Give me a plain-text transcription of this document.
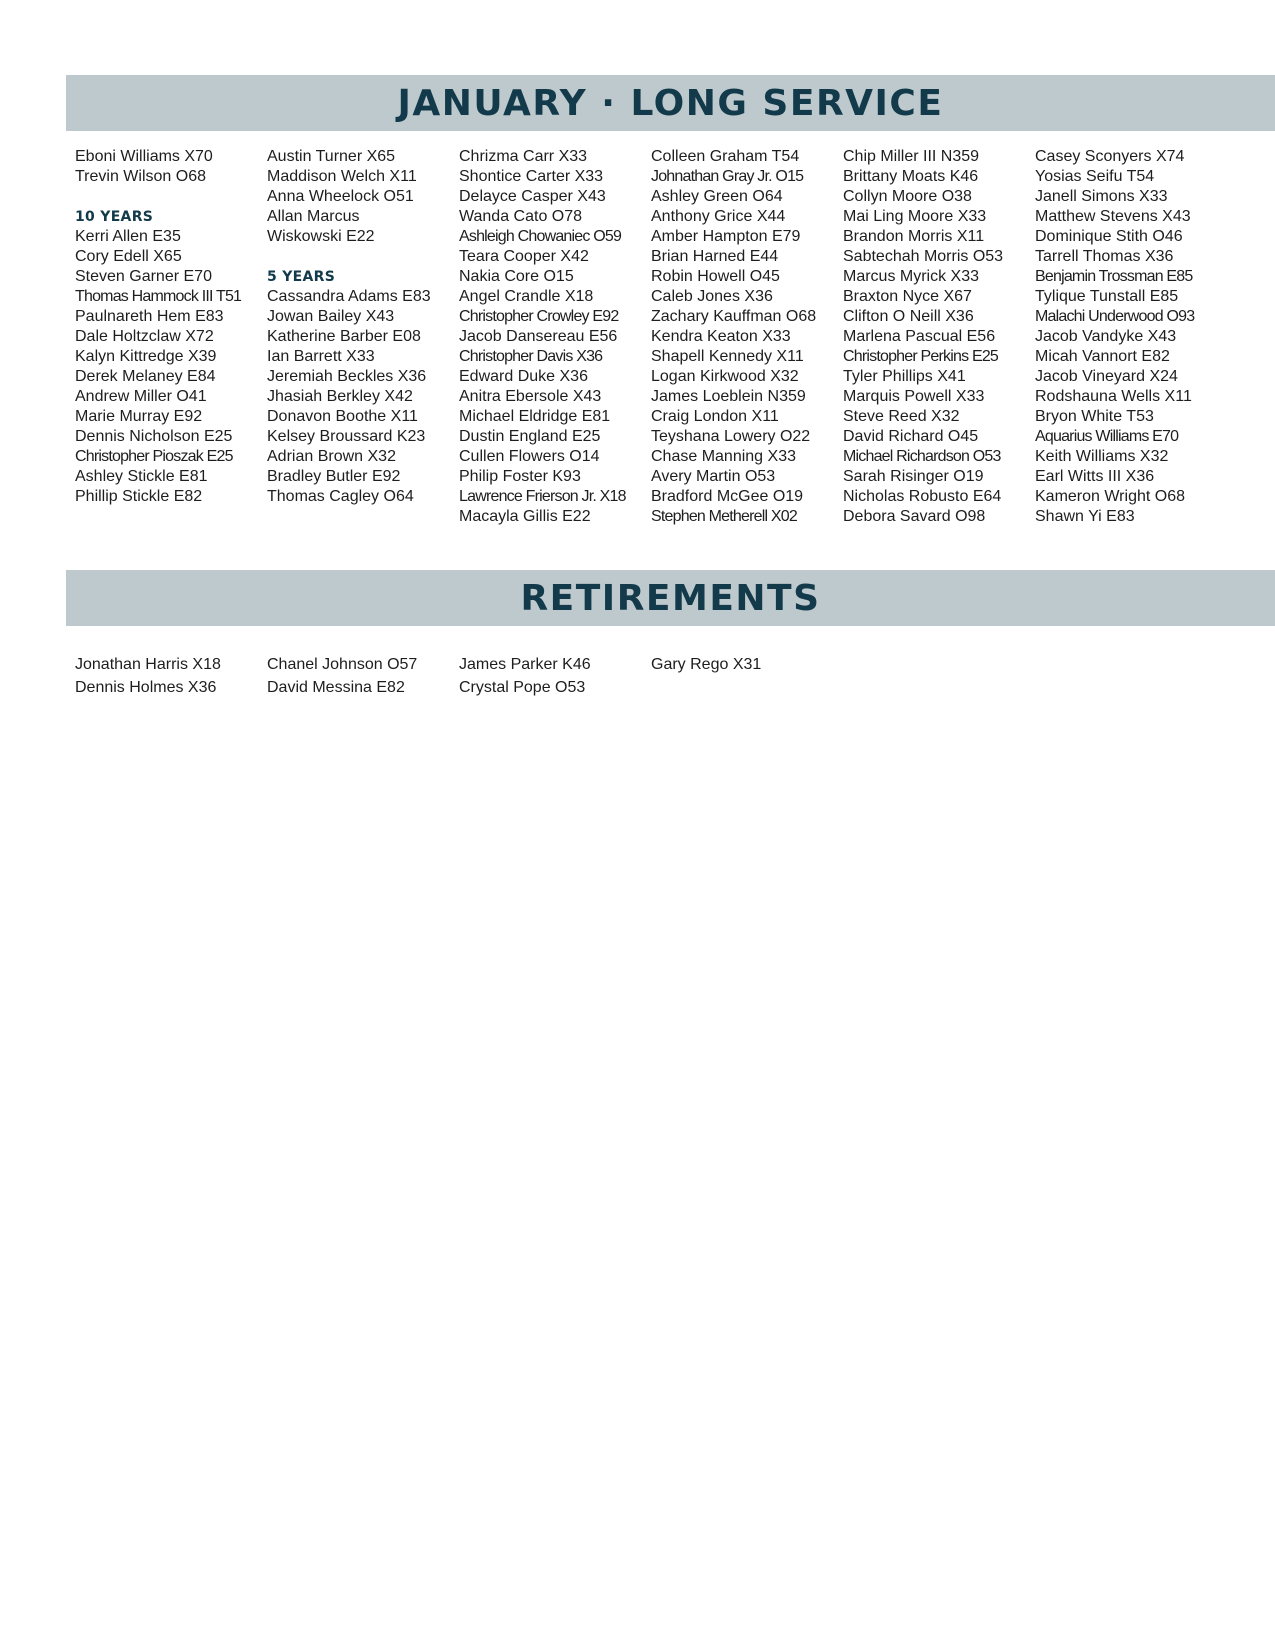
JANUARY · LONG SERVICE
Eboni Williams X70
Trevin Wilson O68
10 YEARS
Kerri Allen E35
Cory Edell X65
Steven Garner E70
Thomas Hammock III T51
Paulnareth Hem E83
Dale Holtzclaw X72
Kalyn Kittredge X39
Derek Melaney E84
Andrew Miller O41
Marie Murray E92
Dennis Nicholson E25
Christopher Pioszak E25
Ashley Stickle E81
Phillip Stickle E82
Austin Turner X65
Maddison Welch X11
Anna Wheelock O51
Allan Marcus
Wiskowski E22
5 YEARS
Cassandra Adams E83
Jowan Bailey X43
Katherine Barber E08
Ian Barrett X33
Jeremiah Beckles X36
Jhasiah Berkley X42
Donavon Boothe X11
Kelsey Broussard K23
Adrian Brown X32
Bradley Butler E92
Thomas Cagley O64
Chrizma Carr X33
Shontice Carter X33
Delayce Casper X43
Wanda Cato O78
Ashleigh Chowaniec O59
Teara Cooper X42
Nakia Core O15
Angel Crandle X18
Christopher Crowley E92
Jacob Dansereau E56
Christopher Davis X36
Edward Duke X36
Anitra Ebersole X43
Michael Eldridge E81
Dustin England E25
Cullen Flowers O14
Philip Foster K93
Lawrence Frierson Jr. X18
Macayla Gillis E22
Colleen Graham T54
Johnathan Gray Jr. O15
Ashley Green O64
Anthony Grice X44
Amber Hampton E79
Brian Harned E44
Robin Howell O45
Caleb Jones X36
Zachary Kauffman O68
Kendra Keaton X33
Shapell Kennedy X11
Logan Kirkwood X32
James Loeblein N359
Craig London X11
Teyshana Lowery O22
Chase Manning X33
Avery Martin O53
Bradford McGee O19
Stephen Metherell X02
Chip Miller III N359
Brittany Moats K46
Collyn Moore O38
Mai Ling Moore X33
Brandon Morris X11
Sabtechah Morris O53
Marcus Myrick X33
Braxton Nyce X67
Clifton O Neill X36
Marlena Pascual E56
Christopher Perkins E25
Tyler Phillips X41
Marquis Powell X33
Steve Reed X32
David Richard O45
Michael Richardson O53
Sarah Risinger O19
Nicholas Robusto E64
Debora Savard O98
Casey Sconyers X74
Yosias Seifu T54
Janell Simons X33
Matthew Stevens X43
Dominique Stith O46
Tarrell Thomas X36
Benjamin Trossman E85
Tylique Tunstall E85
Malachi Underwood O93
Jacob Vandyke X43
Micah Vannort E82
Jacob Vineyard X24
Rodshauna Wells X11
Bryon White T53
Aquarius Williams E70
Keith Williams X32
Earl Witts III X36
Kameron Wright O68
Shawn Yi E83
RETIREMENTS
Jonathan Harris X18
Dennis Holmes X36
Chanel Johnson O57
David Messina E82
James Parker K46
Crystal Pope O53
Gary Rego X31
